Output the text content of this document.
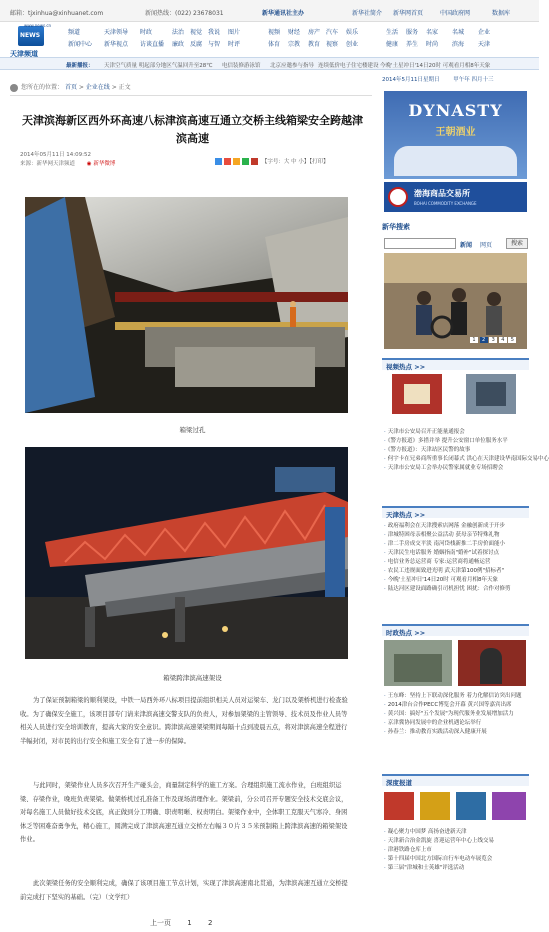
邮箱：tjxinhua@xinhuanet.com	新闻热线：(022) 23678031	新华通讯社主办	新华社简介 新华网首页	中国政府网	数据库
NEWS
www.news.cn
天津频道
频道
新闻中心
天津领导
新华视点
时政
访谈直播
法治
廉政
视觉
反腐
我说
与智
图片
时评
视频
体育
财经
宗教
房产
教育
汽车
视察
娱乐
创业
生活
健康
服务
养生
名家
时尚
名城
滨海
企业
天津
最新播报： 天津空气质量 明起部分地区气温回升至28℃ 电信装修游泳馆 北京应邀参与指导 连续低价电子住宅楼建设 今晚'土星冲日'14日20时 可观看月相8年天象
您所在的位置： 首页 > 企业在线 > 正文
天津滨海新区西外环高速八标津滨高速互通立交桥主线箱梁安全跨越津滨高速
2014年05月11日 14:09:52
来源：新华网天津频道 ◉ 新华微博	【字号：大 中 小】【打印】
箱梁过孔
箱梁跨津滨高速架设
为了保证预制箱梁的顺利架设，中铁一局西外环八标项目提前组织相关人员对运梁车、龙门以及架桥机进行检查验收。为了确保安全施工，该项目部专门请来津滨高速交警支队的负责人，对参加架梁的主管领导、技术员及作业人员等相关人员进行安全培训教育，提高大家的安全意识。跨津滨高速架梁期间每隔十点到凌晨五点，将对津滨高速全程进行半幅封闭，对市民的出行安全和施工安全有了进一步的保障。
与此同时，架梁作业人员多次召开生产碰头会，商量制定科学的施工方案。合理组织施工流水作业，白班组织运梁、存梁作业，晚班负责架梁。做架桥机过孔准备工作及现场清理作业。架梁前，分公司召开专题安全技术交底会议，对每名施工人员做好技术交底，真正做到分工明确、职责明晰、权责明白。架梁作业中，全体职工克服天气寒冷、身困体乏等困难奋勇争先，精心施工，圆满完成了津滨高速互通立交桥左右幅３０片３５米预制箱上跨津滨高速的箱梁架设作业。
此次架梁任务的安全顺利完成，确保了该项目施工节点计划，实现了津滨高速南北贯通，为津滨高速互通立交桥提前完成打下坚实的基础。（完）（文学红）
上一页 1 2
2014年5月11日星期日	甲午年 四月十三
DYNASTY
王朝酒业
渤海商品交易所
BOHAI COMMODITY EXCHANGE
新华搜索
新闻 网页	搜索
1 2 3 4 5
视频热点 >>
· 天津市公安局召开正能量通报会
· 《警方报道》多措并举 提升公安窗口单位服务水平
· 《警方报道》：天津站区民警的故事
· 何宇卡在兄弟商所重事长闭幕式 洪心在天津建设华南国际交易中心
· 天津市公安局工会举办民警家属就业专场招聘会
天津热点 >>
· 政府福利会在天津搜索店网落 金融创新成于开步
· 津城特困母亲相聚公益活动 获母亲节特殊礼物
· 津二手房成交平淡 南河岱栈新推二手房价面能小
· 天津民生电话服务 婚姻指南"婚补"试着探讨点
· 电信业务总运营商 专家:运营商将通畅运营
· 农民工违规面致进光明 武天津第100例"招标者"
· 今晚'土星冲日'14日20时 可观看月相8年天象
· 陆达河区建设面路确引司机担忧 困扰：合作对修剪
时政热点 >>
· 王东峰：坚持上下联动深化服务 着力化解信访突出问题
· 2014津台合作PECC博览会开幕 黄兴国等嘉宾出席
· 黄兴国：搞好"五个发展"为现代服务业发展增加活力
· 京津冀协同发展中的企业机遇论坛举行
· 孙春兰：推动教育实践活动深入健康开展
深度报道
· 凝心聚力中国梦 高扬奋进新天津
· 天津新合治金凯旋 喜迎运营年中心上线交易
· 津港铁路仓库上市
· 第十四届中国北方国际自行车电动车展览会
· 第三届"津城和士英雄"评选活动
